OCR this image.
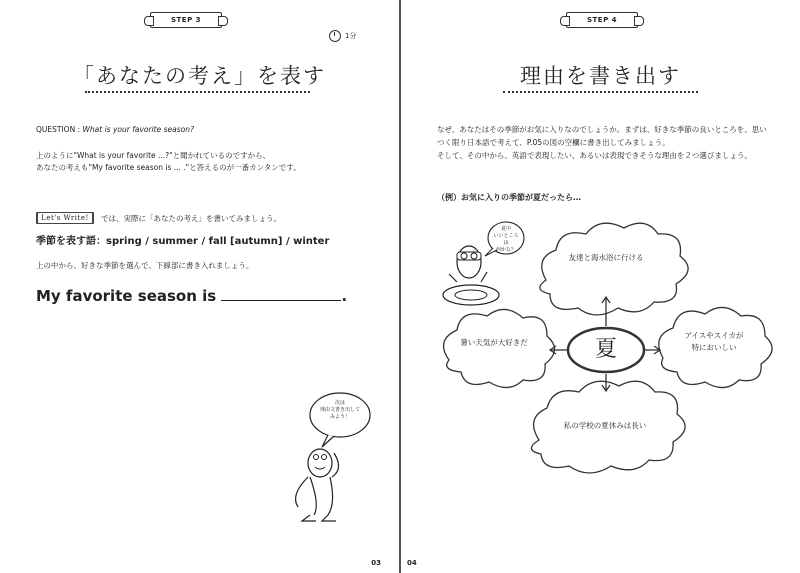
STEP 3
1分
「あなたの考え」を表す
QUESTION : What is your favorite season?
上のように"What is your favorite ...?"と聞かれているのですから、
あなたの考えも"My favorite season is ... ."と答えるのが一番カンタンです。
Let's Write!	では、実際に「あなたの考え」を書いてみましょう。
季節を表す語：spring / summer / fall [autumn] / winter
上の中から、好きな季節を選んで、下線部に書き入れましょう。
My favorite season is	.
次は
理由文書き出して
みよう！
03
STEP 4
理由を書き出す
なぜ、あなたはその季節がお気に入りなのでしょうか。まずは、好きな季節の良いところを、思い
つく限り日本語で考えて、P.05の図の空欄に書き出してみましょう。
そして、その中から、英語で表現したい、あるいは表現できそうな理由を２つ選びましょう。
（例）お気に入りの季節が夏だったら…
夏中
いいところは
何かな？
友達と海水浴に行ける
暑い天気が大好きだ
アイスやスイカが
特においしい
私の学校の夏休みは長い
夏
04
